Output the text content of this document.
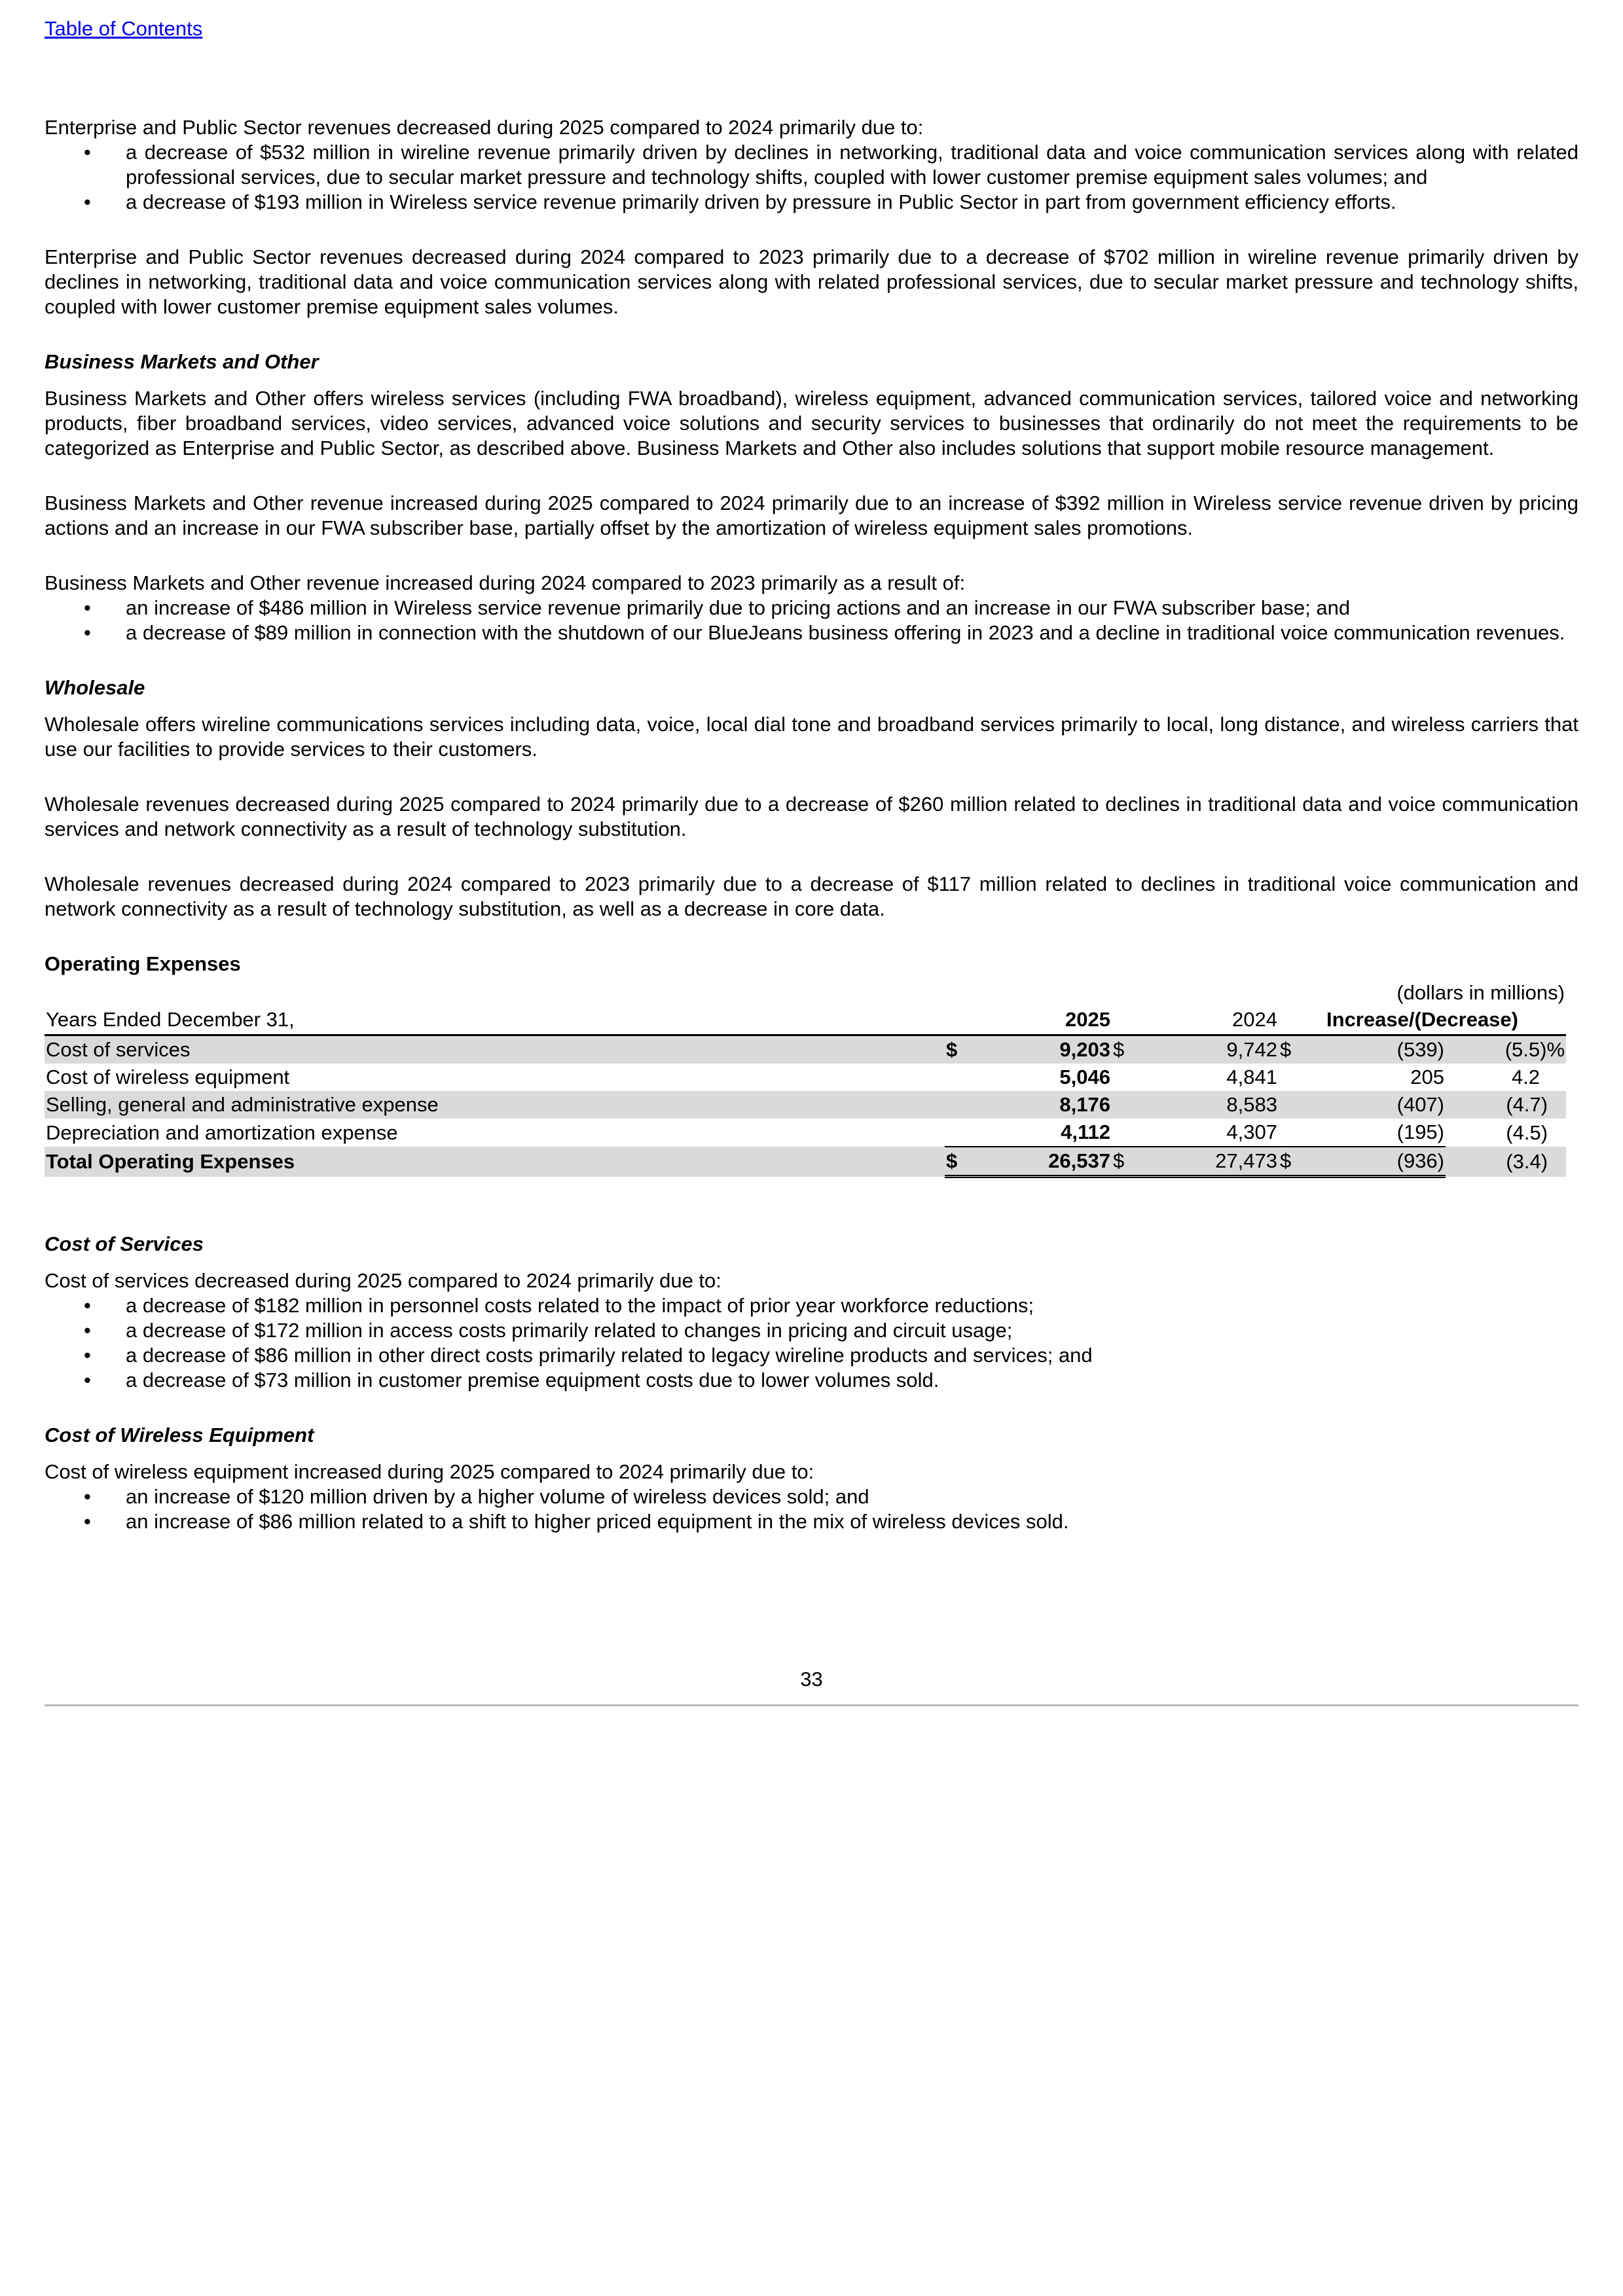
Table of Contents

Enterprise and Public Sector revenues decreased during 2025 compared to 2024 primarily due to:

• a decrease of $532 million in wireline revenue primarily driven by declines in networking, traditional data and voice communication services along with related professional services, due to secular market pressure and technology shifts, coupled with lower customer premise equipment sales volumes; and
• a decrease of $193 million in Wireless service revenue primarily driven by pressure in Public Sector in part from government efficiency efforts.

Enterprise and Public Sector revenues decreased during 2024 compared to 2023 primarily due to a decrease of $702 million in wireline revenue primarily driven by declines in networking, traditional data and voice communication services along with related professional services, due to secular market pressure and technology shifts, coupled with lower customer premise equipment sales volumes.

Business Markets and Other

Business Markets and Other offers wireless services (including FWA broadband), wireless equipment, advanced communication services, tailored voice and networking products, fiber broadband services, video services, advanced voice solutions and security services to businesses that ordinarily do not meet the requirements to be categorized as Enterprise and Public Sector, as described above. Business Markets and Other also includes solutions that support mobile resource management.

Business Markets and Other revenue increased during 2025 compared to 2024 primarily due to an increase of $392 million in Wireless service revenue driven by pricing actions and an increase in our FWA subscriber base, partially offset by the amortization of wireless equipment sales promotions.

Business Markets and Other revenue increased during 2024 compared to 2023 primarily as a result of:

• an increase of $486 million in Wireless service revenue primarily due to pricing actions and an increase in our FWA subscriber base; and
• a decrease of $89 million in connection with the shutdown of our BlueJeans business offering in 2023 and a decline in traditional voice communication revenues.
Wholesale

Wholesale offers wireline communications services including data, voice, local dial tone and broadband services primarily to local, long distance, and wireless carriers that use our facilities to provide services to their customers.

Wholesale revenues decreased during 2025 compared to 2024 primarily due to a decrease of $260 million related to declines in traditional data and voice communication services and network connectivity as a result of technology substitution.

Wholesale revenues decreased during 2024 compared to 2023 primarily due to a decrease of $117 million related to declines in traditional voice communication and network connectivity as a result of technology substitution, as well as a decrease in core data.

Operating Expenses
(dollars in millions)
Years Ended December 31,	2025		2024		Increase/(Decrease)		
Cost of services	$	9,203	$	9,742	$	(539)	(5.5)%
Cost of wireless equipment		5,046		4,841		205	4.2
Selling, general and administrative expense		8,176		8,583		(407)	(4.7)
Depreciation and amortization expense		4,112		4,307		(195)	(4.5)
Total Operating Expenses	$	26,537	$	27,473	$	(936)	(3.4)
Cost of Services

Cost of services decreased during 2025 compared to 2024 primarily due to:

• a decrease of $182 million in personnel costs related to the impact of prior year workforce reductions;
• a decrease of $172 million in access costs primarily related to changes in pricing and circuit usage;
• a decrease of $86 million in other direct costs primarily related to legacy wireline products and services; and
• a decrease of $73 million in customer premise equipment costs due to lower volumes sold.
Cost of Wireless Equipment

Cost of wireless equipment increased during 2025 compared to 2024 primarily due to:

• an increase of $120 million driven by a higher volume of wireless devices sold; and
• an increase of $86 million related to a shift to higher priced equipment in the mix of wireless devices sold.
33
